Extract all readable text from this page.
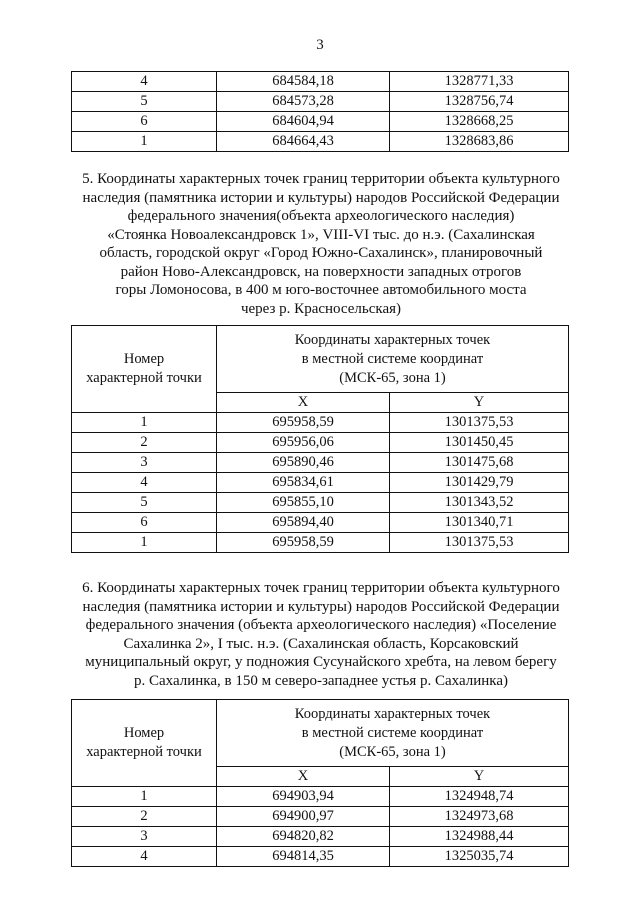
3
4	684584,18	1328771,33
5	684573,28	1328756,74
6	684604,94	1328668,25
1	684664,43	1328683,86
5. Координаты характерных точек границ территории объекта культурного
наследия (памятника истории и культуры) народов Российской Федерации
федерального значения(объекта археологического наследия)
«Стоянка Новоалександровск 1», VIII-VI тыс. до н.э. (Сахалинская
область, городской округ «Город Южно-Сахалинск», планировочный
район Ново-Александровск, на поверхности западных отрогов
горы Ломоносова, в 400 м юго-восточнее автомобильного моста
через р. Красносельская)
Номер
характерной точки	Координаты характерных точек
в местной системе координат
(МСК-65, зона 1)	
	X	Y
1	695958,59	1301375,53
2	695956,06	1301450,45
3	695890,46	1301475,68
4	695834,61	1301429,79
5	695855,10	1301343,52
6	695894,40	1301340,71
1	695958,59	1301375,53
6. Координаты характерных точек границ территории объекта культурного
наследия (памятника истории и культуры) народов Российской Федерации
федерального значения (объекта археологического наследия) «Поселение
Сахалинка 2», I тыс. н.э. (Сахалинская область, Корсаковский
муниципальный округ, у подножия Сусунайского хребта, на левом берегу
р. Сахалинка, в 150 м северо-западнее устья р. Сахалинка)
Номер
характерной точки	Координаты характерных точек
в местной системе координат
(МСК-65, зона 1)	
	X	Y
1	694903,94	1324948,74
2	694900,97	1324973,68
3	694820,82	1324988,44
4	694814,35	1325035,74
